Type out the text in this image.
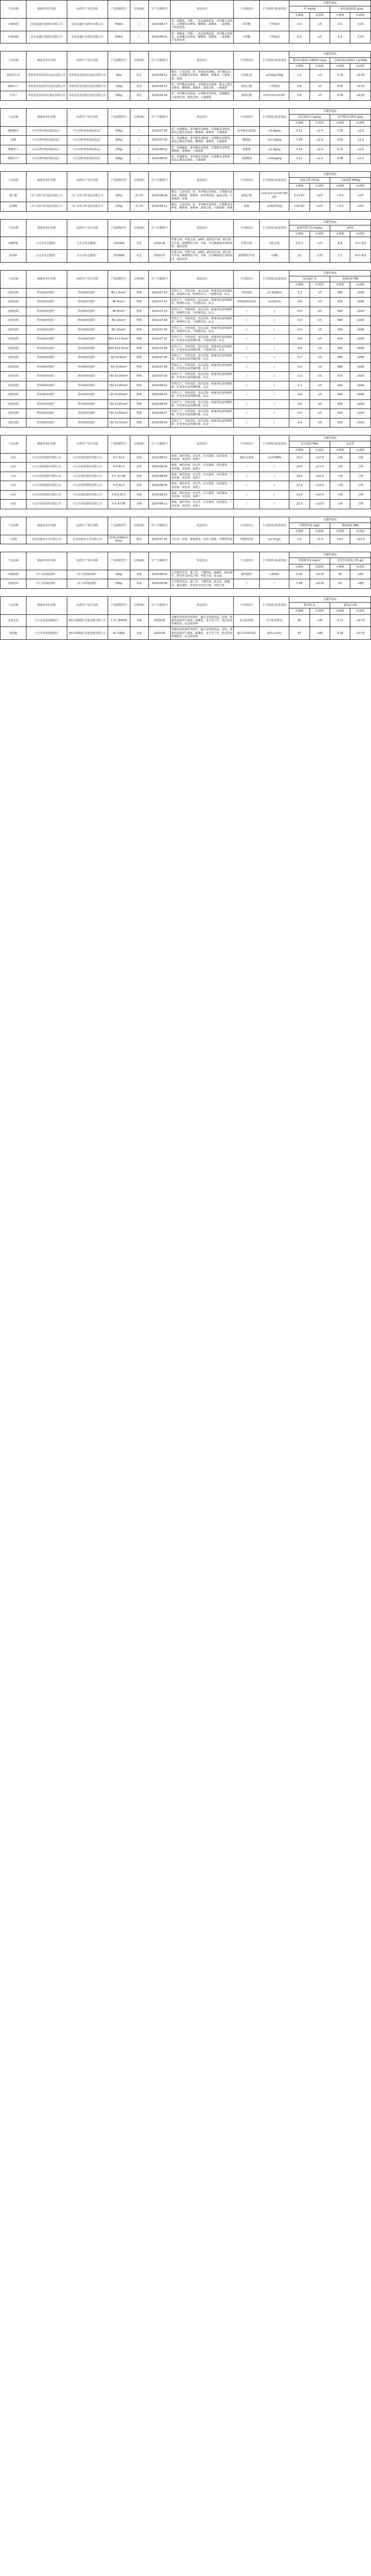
产品名称	被抽查单位名称	标称生产单位名称	产品规格型号	注册商标	生产日期/批号	检验项目	不合格项目	不合格项目标准要求	关键性指标			
									锌 mg/kg		二氧化硫残留量 g/kg	
									实测值	标准值	实测值	标准值
白葡萄酒	安龙县鑫红龙酒业有限公司	安龙县鑫红龙酒业有限公司	750ml	/	2019-08-17	锌、酒精度、甲醇、二氧化硫残留量、苯甲酸及其钠盐、山梨酸及其钾盐、糖精钠、甜蜜素、三氯蔗糖、合成着色剂	苯甲酸	不得使用	0.2	≤5	0.1	0.25
红葡萄酒	安龙县鑫红龙酒业有限公司	安龙县鑫红龙酒业有限公司	750ml	/	2019-08-20	锌、酒精度、甲醇、二氧化硫残留量、苯甲酸及其钠盐、山梨酸及其钾盐、糖精钠、甜蜜素、三氯蔗糖、合成着色剂	山梨酸	不得使用	0.3	≤5	0.1	0.25
产品名称	被抽查单位名称	标称生产单位名称	产品规格型号	注册商标	生产日期/批号	检验项目	不合格项目	不合格项目标准要求	关键性指标			
									酸价(以脂肪计)(KOH) mg/g		过氧化值(以脂肪计) g/100g	
									实测值	标准值	实测值	标准值
油炸花生米	贵州省安龙县荣达食品有限公司	贵州省安龙县荣达食品有限公司	80g	荣达	2019-08-12	酸价、过氧化值、铅、黄曲霉毒素B1、苯甲酸及其钠盐、山梨酸及其钾盐、糖精钠、甜蜜素、大肠菌群、霉菌	过氧化值	≤0.50g/100g	1.2	≤3	0.78	≤0.50
麻辣豆干	贵州省安龙县荣达食品有限公司	贵州省安龙县荣达食品有限公司	120g	荣达	2019-08-15	铅、苯甲酸及其钠盐、山梨酸及其钾盐、脱氢乙酸及其钠盐、糖精钠、甜蜜素、菌落总数、大肠菌群	脱氢乙酸	不得使用	0.6	≤3	0.05	≤0.25
牛肉干	贵州省安龙县荣达食品有限公司	贵州省安龙县荣达食品有限公司	100g	荣达	2019-08-18	铅、苯甲酸及其钠盐、山梨酸及其钾盐、亚硝酸盐、合成着色剂、菌落总数、大肠菌群	菌落总数	n=5,c=2,m=10⁴	0.8	≤3	0.09	≤0.25
产品名称	被抽查单位名称	标称生产单位名称	产品规格型号	注册商标	生产日期/批号	检验项目	不合格项目	不合格项目标准要求	关键性指标			
									铅(以Pb计) mg/kg		苯甲酸及其钠盐 g/kg	
									实测值	标准值	实测值	标准值
腌制酸菜	兴义市黔西南风味食品厂	兴义市黔西南风味食品厂	500g	/	2019-07-28	铅、亚硝酸盐、苯甲酸及其钠盐、山梨酸及其钾盐、脱氢乙酸及其钠盐、糖精钠、甜蜜素、大肠菌群	苯甲酸及其钠盐	≤1.0g/kg	0.12	≤1.0	1.42	≤1.0
泡椒	兴义市黔西南风味食品厂	兴义市黔西南风味食品厂	400g	/	2019-07-30	铅、亚硝酸盐、苯甲酸及其钠盐、山梨酸及其钾盐、脱氢乙酸及其钠盐、糖精钠、甜蜜素、大肠菌群	糖精钠	≤0.15g/kg	0.09	≤1.0	0.52	≤1.0
酱腌萝卜	兴义市黔西南风味食品厂	兴义市黔西南风味食品厂	250g	/	2019-08-02	铅、亚硝酸盐、苯甲酸及其钠盐、山梨酸及其钾盐、糖精钠、甜蜜素、大肠菌群	甜蜜素	≤1.0g/kg	0.15	≤1.0	0.31	≤1.0
腌制豇豆	兴义市黔西南风味食品厂	兴义市黔西南风味食品厂	500g	/	2019-08-05	铅、亚硝酸盐、苯甲酸及其钠盐、山梨酸及其钾盐、脱氢乙酸及其钠盐、大肠菌群	亚硝酸盐	≤20mg/kg	0.11	≤1.0	0.48	≤1.0
产品名称	被抽查单位名称	标称生产单位名称	产品规格型号	注册商标	生产日期/批号	检验项目	不合格项目	不合格项目标准要求	关键性指标			
									菌落总数 CFU/g		大肠菌群 MPN/g	
									实测值	标准值	实测值	标准值
绿豆糕	兴仁市放马坪食品有限公司	兴仁市放马坪食品有限公司	200g	放马坪	2019-08-09	酸价、过氧化值、铅、苯甲酸及其钠盐、山梨酸及其钾盐、糖精钠、甜蜜素、铝的残留量、菌落总数、大肠菌群、霉菌	菌落总数	n=5,c=2,m=10⁴,M=10⁵	3.2×10⁵	≤10⁵	<3.0	≤10²
蛋黄酥	兴仁市放马坪食品有限公司	兴仁市放马坪食品有限公司	250g	放马坪	2019-08-11	酸价、过氧化值、铅、苯甲酸及其钠盐、山梨酸及其钾盐、糖精钠、甜蜜素、菌落总数、大肠菌群、霉菌	霉菌	≤150CFU/g	1.6×10³	≤10⁵	<3.0	≤10²
产品名称	被抽查单位名称	标称生产单位名称	产品规格型号	注册商标	生产日期/批号	检验项目	不合格项目	不合格项目标准要求	关键性指标			
									游离甲醛含量 mg/kg		pH值	
									实测值	标准值	实测值	标准值
纯棉T恤	兴义市布艺服装厂	兴义市布艺服装厂	170/92A	布艺	2019-06	纤维含量、甲醛含量、pH值、耐水色牢度、耐汗渍色牢度、耐摩擦色牢度、异味、可分解致癌芳香胺染料、使用说明	纤维含量	按标注值	未检出	≤75	6.8	4.0~8.5
休闲裤	兴义市布艺服装厂	兴义市布艺服装厂	175/80A	布艺	2019-07	纤维含量、甲醛含量、pH值、耐水色牢度、耐汗渍色牢度、耐摩擦色牢度、异味、可分解致癌芳香胺染料、使用说明	耐摩擦色牢度	≥3级	22	≤75	7.1	4.0~8.5
产品名称	被抽查单位名称	标称生产单位名称	产品规格型号	注册商标	生产日期/批号	检验项目	不合格项目	不合格项目标准要求	关键性指标			
									电压偏差 %		绝缘电阻 MΩ	
									实测值	标准值	实测值	标准值
电线电缆	黔西南州电缆厂	黔西南州电缆厂	BV 2.5mm²	黔缆	2019-07-10	结构尺寸、导体电阻、电压试验、绝缘老化前机械性能、绝缘热失重、绝缘热冲击、不延燃试验、标志	导体电阻	≤7.41Ω/km	-1.2	±5	580	≥500
电线电缆	黔西南州电缆厂	黔西南州电缆厂	BV 4mm²	黔缆	2019-07-12	结构尺寸、导体电阻、电压试验、绝缘老化前机械性能、绝缘热失重、不延燃试验、标志	绝缘最薄处厚度	≥0.62mm	-0.8	±5	620	≥500
电线电缆	黔西南州电缆厂	黔西南州电缆厂	BV 6mm²	黔缆	2019-07-15	结构尺寸、导体电阻、电压试验、绝缘老化前机械性能、绝缘热失重、不延燃试验、标志	/	/	-0.5	±5	640	≥500
电线电缆	黔西南州电缆厂	黔西南州电缆厂	BV 10mm²	黔缆	2019-07-18	结构尺寸、导体电阻、电压试验、绝缘老化前机械性能、绝缘热失重、不延燃试验、标志	/	/	-0.3	±5	660	≥500
电线电缆	黔西南州电缆厂	黔西南州电缆厂	BV 16mm²	黔缆	2019-07-20	结构尺寸、导体电阻、电压试验、绝缘老化前机械性能、绝缘热失重、不延燃试验、标志	/	/	-0.2	±5	700	≥500
电线电缆	黔西南州电缆厂	黔西南州电缆厂	RVV 3×1.5mm²	黔缆	2019-07-22	结构尺寸、导体电阻、电压试验、绝缘老化前机械性能、护套老化前机械性能、不延燃试验、标志	/	/	-0.6	±5	610	≥500
电线电缆	黔西南州电缆厂	黔西南州电缆厂	RVV 3×2.5mm²	黔缆	2019-07-24	结构尺寸、导体电阻、电压试验、绝缘老化前机械性能、护套老化前机械性能、不延燃试验、标志	/	/	-0.4	±5	630	≥500
电线电缆	黔西南州电缆厂	黔西南州电缆厂	YJV 3×4mm²	黔缆	2019-07-26	结构尺寸、导体电阻、电压试验、绝缘老化前机械性能、护套老化前机械性能、标志	/	/	-0.7	±5	590	≥500
电线电缆	黔西南州电缆厂	黔西南州电缆厂	YJV 3×6mm²	黔缆	2019-07-28	结构尺寸、导体电阻、电压试验、绝缘老化前机械性能、护套老化前机械性能、标志	/	/	-0.9	±5	600	≥500
电线电缆	黔西南州电缆厂	黔西南州电缆厂	YJV 3×10mm²	黔缆	2019-07-30	结构尺寸、导体电阻、电压试验、绝缘老化前机械性能、护套老化前机械性能、标志	/	/	-1.0	±5	570	≥500
电线电缆	黔西南州电缆厂	黔西南州电缆厂	YJV 3×16mm²	黔缆	2019-08-01	结构尺寸、导体电阻、电压试验、绝缘老化前机械性能、护套老化前机械性能、标志	/	/	-1.1	±5	560	≥500
电线电缆	黔西南州电缆厂	黔西南州电缆厂	YJV 3×25mm²	黔缆	2019-08-03	结构尺寸、导体电阻、电压试验、绝缘老化前机械性能、护套老化前机械性能、标志	/	/	-0.8	±5	585	≥500
电线电缆	黔西南州电缆厂	黔西南州电缆厂	YJV 3×35mm²	黔缆	2019-08-05	结构尺寸、导体电阻、电压试验、绝缘老化前机械性能、护套老化前机械性能、标志	/	/	-0.6	±5	605	≥500
电线电缆	黔西南州电缆厂	黔西南州电缆厂	YJV 3×50mm²	黔缆	2019-08-07	结构尺寸、导体电阻、电压试验、绝缘老化前机械性能、护套老化前机械性能、标志	/	/	-0.5	±5	615	≥500
电线电缆	黔西南州电缆厂	黔西南州电缆厂	YJV 3×70mm²	黔缆	2019-08-09	结构尺寸、导体电阻、电压试验、绝缘老化前机械性能、护套老化前机械性能、标志	/	/	-0.4	±5	625	≥500
产品名称	被抽查单位名称	标称生产单位名称	产品规格型号	注册商标	生产日期/批号	检验项目	不合格项目	不合格项目标准要求	关键性指标			
									抗压强度 MPa		安定性	
									实测值	标准值	实测值	标准值
水泥	兴义市顶效建材有限公司	兴义市顶效建材有限公司	P·C 42.5	顶效	2019-08-01	细度、凝结时间、安定性、抗压强度、抗折强度、三氧化硫、氧化镁、氯离子	3d抗压强度	≥17.0MPa	15.2	≥17.0	合格	合格
水泥	兴义市顶效建材有限公司	兴义市顶效建材有限公司	P·O 42.5	顶效	2019-08-04	细度、凝结时间、安定性、抗压强度、抗折强度、三氧化硫、氧化镁、氯离子	/	/	23.6	≥17.0	合格	合格
水泥	兴义市顶效建材有限公司	兴义市顶效建材有限公司	P·C 32.5R	顶效	2019-08-06	细度、凝结时间、安定性、抗压强度、抗折强度、三氧化硫、氧化镁、氯离子	/	/	18.4	≥15.0	合格	合格
水泥	兴义市顶效建材有限公司	兴义市顶效建材有限公司	P·O 52.5	顶效	2019-08-08	细度、凝结时间、安定性、抗压强度、抗折强度、三氧化硫、氧化镁、氯离子	/	/	27.9	≥22.0	合格	合格
水泥	兴义市顶效建材有限公司	兴义市顶效建材有限公司	P·S·A 32.5	顶效	2019-08-10	细度、凝结时间、安定性、抗压强度、抗折强度、三氧化硫、氧化镁、氯离子	/	/	12.8	≥10.0	合格	合格
水泥	兴义市顶效建材有限公司	兴义市顶效建材有限公司	P·C 42.5R	顶效	2019-08-12	细度、凝结时间、安定性、抗压强度、抗折强度、三氧化硫、氧化镁、氯离子	/	/	22.3	≥22.0	合格	合格
产品名称	被抽查单位名称	标称生产单位名称	产品规格型号	注册商标	生产日期/批号	检验项目	不合格项目	不合格项目标准要求	关键性指标			
									甲醛释放量 mg/L		静曲强度 MPa	
									实测值	标准值	实测值	标准值
人造板	安龙县森美木业有限公司	安龙县森美木业有限公司	1220×2440×15mm	森美	2019-07-25	含水率、密度、静曲强度、内结合强度、甲醛释放量	甲醛释放量	≤1.5mg/L	2.3	≤1.5	14.5	≥13.0
产品名称	被抽查单位名称	标称生产单位名称	产品规格型号	注册商标	生产日期/批号	检验项目	不合格项目	不合格项目标准要求	关键性指标			
									甲醛释放量 mg/m³		挥发性有机化合物 g/L	
									实测值	标准值	实测值	标准值
内墙涂料	兴仁市彩丽涂料厂	兴仁市彩丽涂料厂	20kg	彩丽	2019-08-03	在容器中状态、施工性、干燥时间、耐碱性、耐洗刷性、挥发性有机化合物、甲醛含量、重金属	耐洗刷性	≥300次	0.05	≤0.10	45	≤80
外墙涂料	兴仁市彩丽涂料厂	兴仁市彩丽涂料厂	20kg	彩丽	2019-08-06	在容器中状态、施工性、干燥时间、耐水性、耐碱性、耐洗刷性、挥发性有机化合物、甲醛含量	/	/	0.04	≤0.10	52	≤80
产品名称	被抽查单位名称	标称生产单位名称	产品规格型号	注册商标	生产日期/批号	检验项目	不合格项目	不合格项目标准要求	关键性指标			
									能效值 %		漏电流 mA	
									实测值	标准值	实测值	标准值
电热水壶	兴义市美家电器商行	佛山市顺德区美家电器有限公司	1.7L 1800W	美家	2019-05	对触及带电部件的防护、输入功率和电流、发热、泄漏电流和电气强度、耐潮湿、非正常工作、稳定性和机械危险、标志和说明	标志和说明	符合标准要求	85	≥80	0.12	≤0.75
电饭锅	兴义市美家电器商行	佛山市顺德区美家电器有限公司	4L 700W	美家	2019-06	对触及带电部件的防护、输入功率和电流、发热、泄漏电流和电气强度、耐潮湿、非正常工作、稳定性和机械危险、标志和说明	输入功率和电流	偏差≤+5%	83	≥80	0.18	≤0.75
